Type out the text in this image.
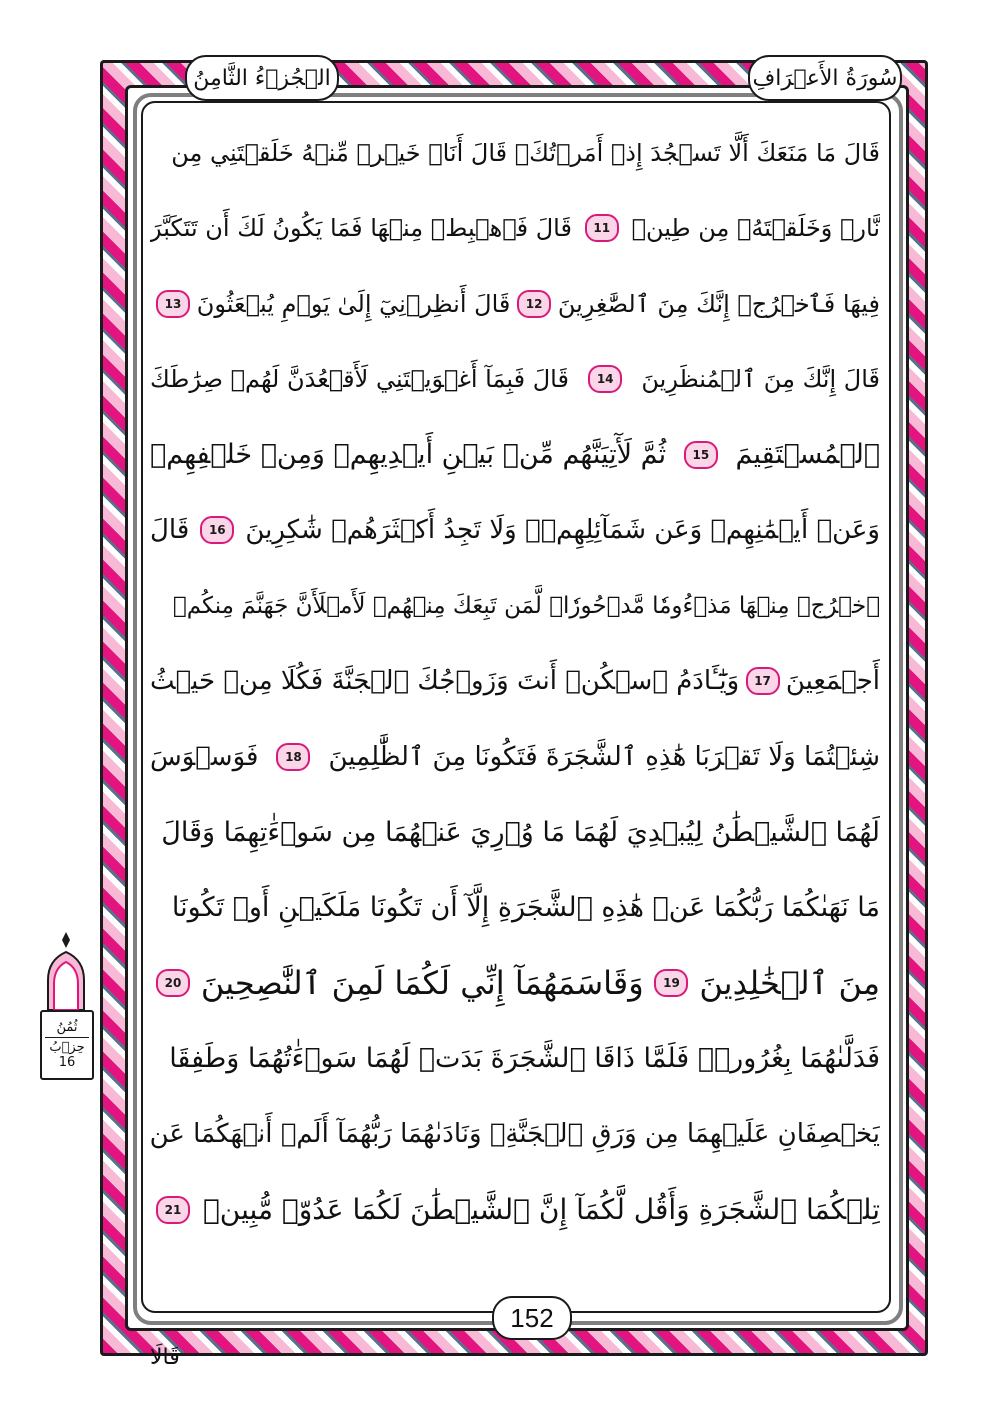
سُورَةُ الأَعۡرَافِ
الۡجُزۡءُ الثَّامِنُ
قَالَ مَا مَنَعَكَ أَلَّا تَسۡجُدَ إِذۡ أَمَرۡتُكَۖ قَالَ أَنَا۠ خَيۡرٞ مِّنۡهُ خَلَقۡتَنِي مِن
نَّارٖ وَخَلَقۡتَهُۥ مِن طِينٖ
11
قَالَ فَٱهۡبِطۡ مِنۡهَا فَمَا يَكُونُ لَكَ أَن تَتَكَبَّرَ
فِيهَا فَٱخۡرُجۡ إِنَّكَ مِنَ ٱلصَّٰغِرِينَ
12
قَالَ أَنظِرۡنِيٓ إِلَىٰ يَوۡمِ يُبۡعَثُونَ
13
قَالَ إِنَّكَ مِنَ ٱلۡمُنظَرِينَ
14
قَالَ فَبِمَآ أَغۡوَيۡتَنِي لَأَقۡعُدَنَّ لَهُمۡ صِرَٰطَكَ
ٱلۡمُسۡتَقِيمَ
15
ثُمَّ لَأٓتِيَنَّهُم مِّنۢ بَيۡنِ أَيۡدِيهِمۡ وَمِنۡ خَلۡفِهِمۡ
وَعَنۡ أَيۡمَٰنِهِمۡ وَعَن شَمَآئِلِهِمۡۖ وَلَا تَجِدُ أَكۡثَرَهُمۡ شَٰكِرِينَ
16
قَالَ
ٱخۡرُجۡ مِنۡهَا مَذۡءُومٗا مَّدۡحُورٗاۖ لَّمَن تَبِعَكَ مِنۡهُمۡ لَأَمۡلَأَنَّ جَهَنَّمَ مِنكُمۡ
أَجۡمَعِينَ
17
وَيَٰٓـَٔادَمُ ٱسۡكُنۡ أَنتَ وَزَوۡجُكَ ٱلۡجَنَّةَ فَكُلَا مِنۡ حَيۡثُ
شِئۡتُمَا وَلَا تَقۡرَبَا هَٰذِهِ ٱلشَّجَرَةَ فَتَكُونَا مِنَ ٱلظَّٰلِمِينَ
18
فَوَسۡوَسَ
لَهُمَا ٱلشَّيۡطَٰنُ لِيُبۡدِيَ لَهُمَا مَا وُۥرِيَ عَنۡهُمَا مِن سَوۡءَٰتِهِمَا وَقَالَ
مَا نَهَىٰكُمَا رَبُّكُمَا عَنۡ هَٰذِهِ ٱلشَّجَرَةِ إِلَّآ أَن تَكُونَا مَلَكَيۡنِ أَوۡ تَكُونَا
مِنَ ٱلۡخَٰلِدِينَ
19
وَقَاسَمَهُمَآ إِنِّي لَكُمَا لَمِنَ ٱلنَّٰصِحِينَ
20
فَدَلَّىٰهُمَا بِغُرُورٖۚ فَلَمَّا ذَاقَا ٱلشَّجَرَةَ بَدَتۡ لَهُمَا سَوۡءَٰتُهُمَا وَطَفِقَا
يَخۡصِفَانِ عَلَيۡهِمَا مِن وَرَقِ ٱلۡجَنَّةِۖ وَنَادَىٰهُمَا رَبُّهُمَآ أَلَمۡ أَنۡهَكُمَا عَن
تِلۡكُمَا ٱلشَّجَرَةِ وَأَقُل لَّكُمَآ إِنَّ ٱلشَّيۡطَٰنَ لَكُمَا عَدُوّٞ مُّبِينٞ
21
152
قَالَا
ثُمُنُ
حِزۡبُ
16
